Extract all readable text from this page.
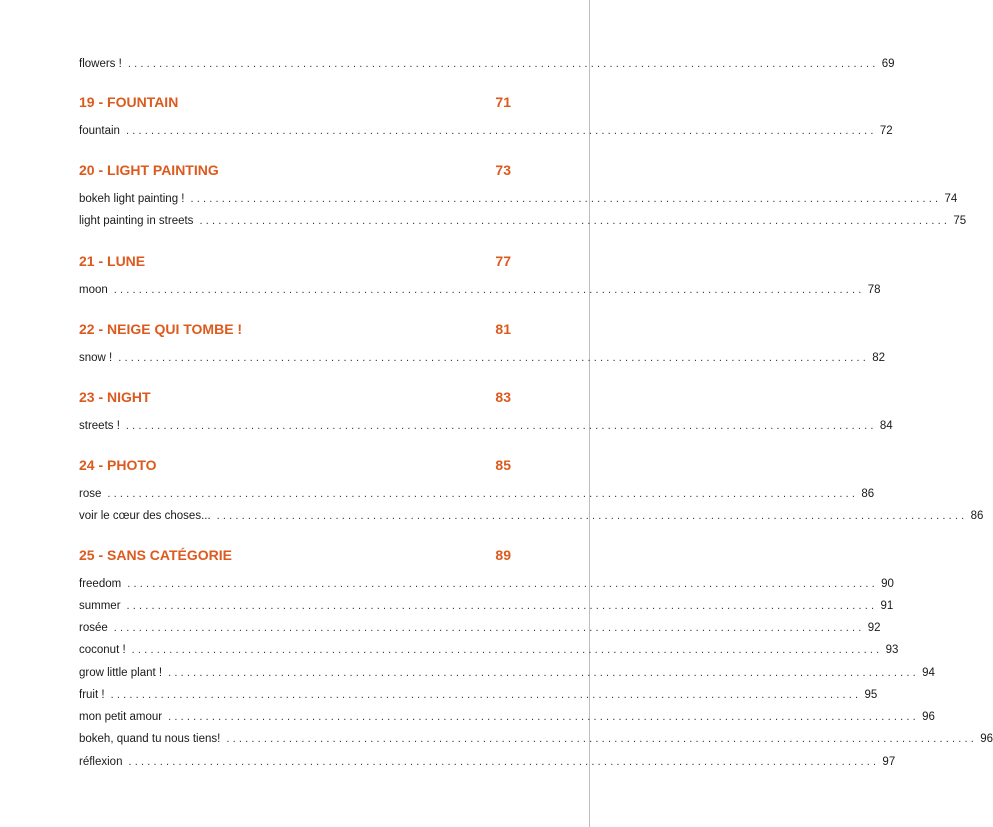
flowers ! ........................................................................................................................ 69
19 - FOUNTAIN	71
fountain ........................................................................................................................ 72
20 - LIGHT PAINTING	73
bokeh light painting ! ........................................................................................................................ 74
light painting in streets ........................................................................................................................ 75
21 - LUNE	77
moon ........................................................................................................................ 78
22 - NEIGE QUI TOMBE !	81
snow ! ........................................................................................................................ 82
23 - NIGHT	83
streets ! ........................................................................................................................ 84
24 - PHOTO	85
rose ........................................................................................................................ 86
voir le cœur des choses... ........................................................................................................................ 86
25 - SANS CATÉGORIE	89
freedom ........................................................................................................................ 90
summer ........................................................................................................................ 91
rosée ........................................................................................................................ 92
coconut ! ........................................................................................................................ 93
grow little plant ! ........................................................................................................................ 94
fruit ! ........................................................................................................................ 95
mon petit amour ........................................................................................................................ 96
bokeh, quand tu nous tiens! ........................................................................................................................ 96
réflexion ........................................................................................................................ 97
